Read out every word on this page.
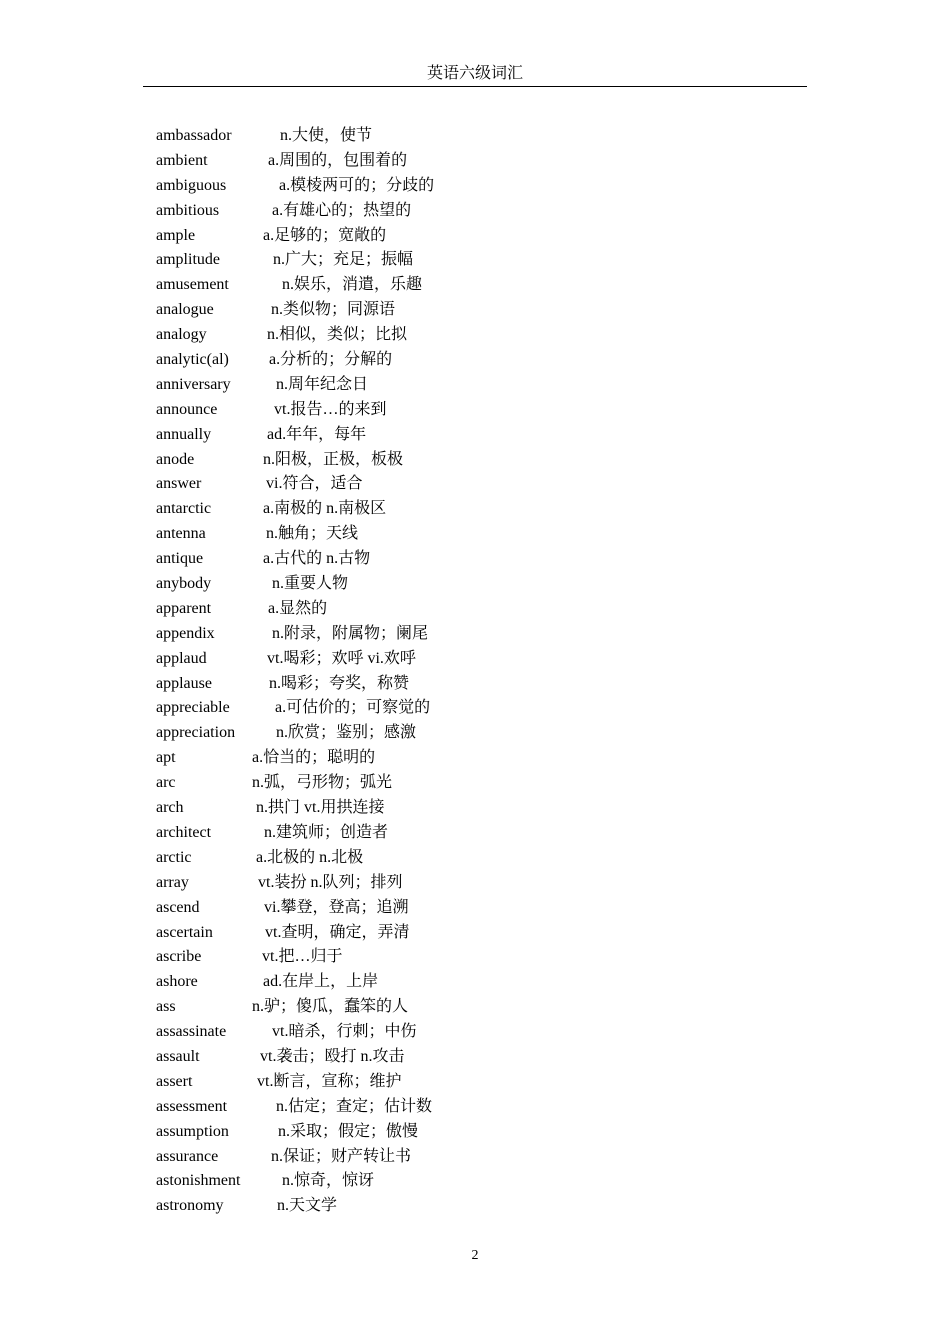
英语六级词汇
ambassador	n.大使，使节
ambient	a.周围的，包围着的
ambiguous	a.模棱两可的；分歧的
ambitious	a.有雄心的；热望的
ample	a.足够的；宽敞的
amplitude	n.广大；充足；振幅
amusement	n.娱乐，消遣，乐趣
analogue	n.类似物；同源语
analogy	n.相似，类似；比拟
analytic(al)	a.分析的；分解的
anniversary	n.周年纪念日
announce	vt.报告…的来到
annually	ad.年年，每年
anode	n.阳极，正极，板极
answer	vi.符合，适合
antarctic	a.南极的 n.南极区
antenna	n.触角；天线
antique	a.古代的 n.古物
anybody	n.重要人物
apparent	a.显然的
appendix	n.附录，附属物；阑尾
applaud	vt.喝彩；欢呼 vi.欢呼
applause	n.喝彩；夸奖，称赞
appreciable	a.可估价的；可察觉的
appreciation	n.欣赏；鉴别；感激
apt	a.恰当的；聪明的
arc	n.弧，弓形物；弧光
arch	n.拱门 vt.用拱连接
architect	n.建筑师；创造者
arctic	a.北极的 n.北极
array	vt.装扮 n.队列；排列
ascend	vi.攀登，登高；追溯
ascertain	vt.查明，确定，弄清
ascribe	vt.把…归于
ashore	ad.在岸上，上岸
ass	n.驴；傻瓜，蠢笨的人
assassinate	vt.暗杀，行刺；中伤
assault	vt.袭击；殴打 n.攻击
assert	vt.断言，宣称；维护
assessment	n.估定；查定；估计数
assumption	n.采取；假定；傲慢
assurance	n.保证；财产转让书
astonishment	n.惊奇，惊讶
astronomy	n.天文学
2
